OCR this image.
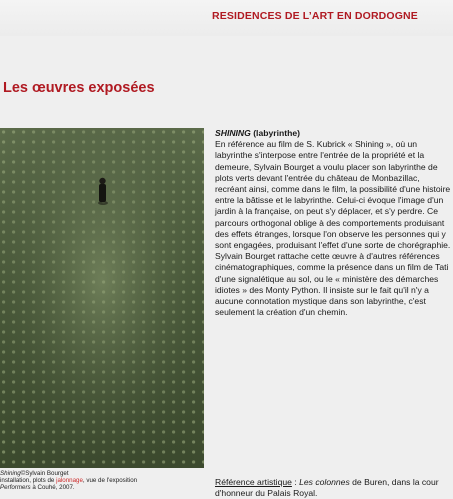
RESIDENCES DE L’ART EN DORDOGNE
Les œuvres exposées
Shining©Sylvain Bourget
installation, plots de jalonnage, vue de l'exposition
Performers à Couhé, 2007.
SHINING (labyrinthe)

En référence au film de S. Kubrick « Shining », où un labyrinthe s'interpose entre l'entrée de la propriété et la demeure, Sylvain Bourget a voulu placer son labyrinthe de plots verts devant l'entrée du château de Monbazillac, recréant ainsi, comme dans le film, la possibilité d'une histoire entre la bâtisse et le labyrinthe. Celui-ci évoque l'image d'un jardin à la française, on peut s'y déplacer, et s'y perdre. Ce parcours orthogonal oblige à des comportements produisant des effets étranges, lorsque l'on observe les personnes qui y sont engagées, produisant l'effet d'une sorte de chorégraphie.

Sylvain Bourget rattache cette œuvre à d'autres références cinématographiques, comme la présence dans un film de Tati d'une signalétique au sol, ou le « ministère des démarches idiotes » des Monty Python. Il insiste sur le fait qu'il n'y a aucune connotation mystique dans son labyrinthe, c'est seulement la création d'un chemin.

Référence artistique : Les colonnes de Buren, dans la cour d'honneur du Palais Royal.
